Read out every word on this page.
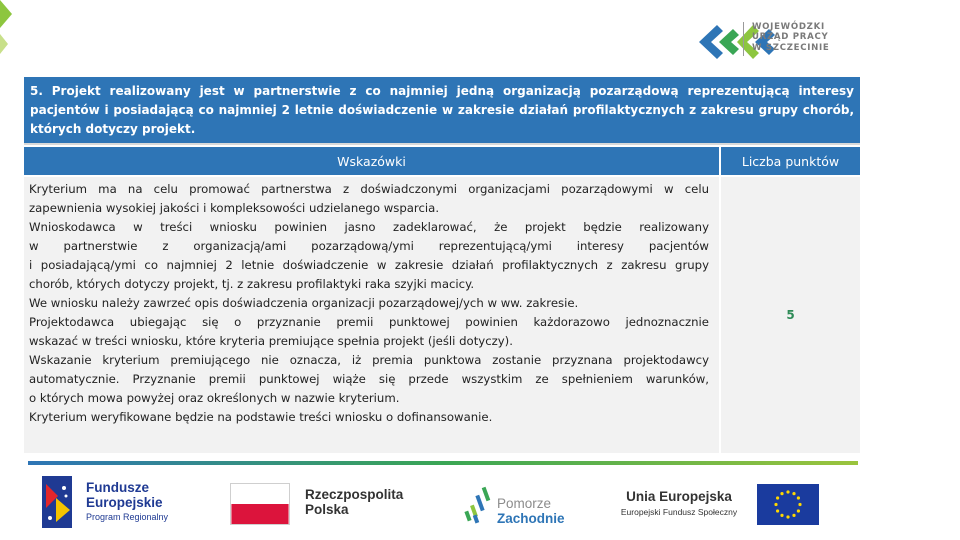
WOJEWÓDZKI
URZĄD PRACY
W SZCZECINIE
5. Projekt realizowany jest w partnerstwie z co najmniej jedną organizacją pozarządową reprezentującą interesy pacjentów i posiadającą co najmniej 2 letnie doświadczenie w zakresie działań profilaktycznych z zakresu grupy chorób, których dotyczy projekt.
Wskazówki	Liczba punktów
Kryterium ma na celu promować partnerstwa z doświadczonymi organizacjami pozarządowymi w celu
zapewnienia wysokiej jakości i kompleksowości udzielanego wsparcia.
Wnioskodawca w treści wniosku powinien jasno zadeklarować, że projekt będzie realizowany
w partnerstwie z organizacją/ami pozarządową/ymi reprezentującą/ymi interesy pacjentów
i posiadającą/ymi co najmniej 2 letnie doświadczenie w zakresie działań profilaktycznych z zakresu grupy
chorób, których dotyczy projekt, tj. z zakresu profilaktyki raka szyjki macicy.
We wniosku należy zawrzeć opis doświadczenia organizacji pozarządowej/ych w ww. zakresie.
Projektodawca ubiegając się o przyznanie premii punktowej powinien każdorazowo jednoznacznie
wskazać w treści wniosku, które kryteria premiujące spełnia projekt (jeśli dotyczy).
Wskazanie kryterium premiującego nie oznacza, iż premia punktowa zostanie przyznana projektodawcy
automatycznie. Przyznanie premii punktowej wiąże się przede wszystkim ze spełnieniem warunków,
o których mowa powyżej oraz określonych w nazwie kryterium.
Kryterium weryfikowane będzie na podstawie treści wniosku o dofinansowanie.
5
Fundusze
Europejskie
Program Regionalny
Rzeczpospolita
Polska	Pomorze
Zachodnie
Unia Europejska
Europejski Fundusz Społeczny
